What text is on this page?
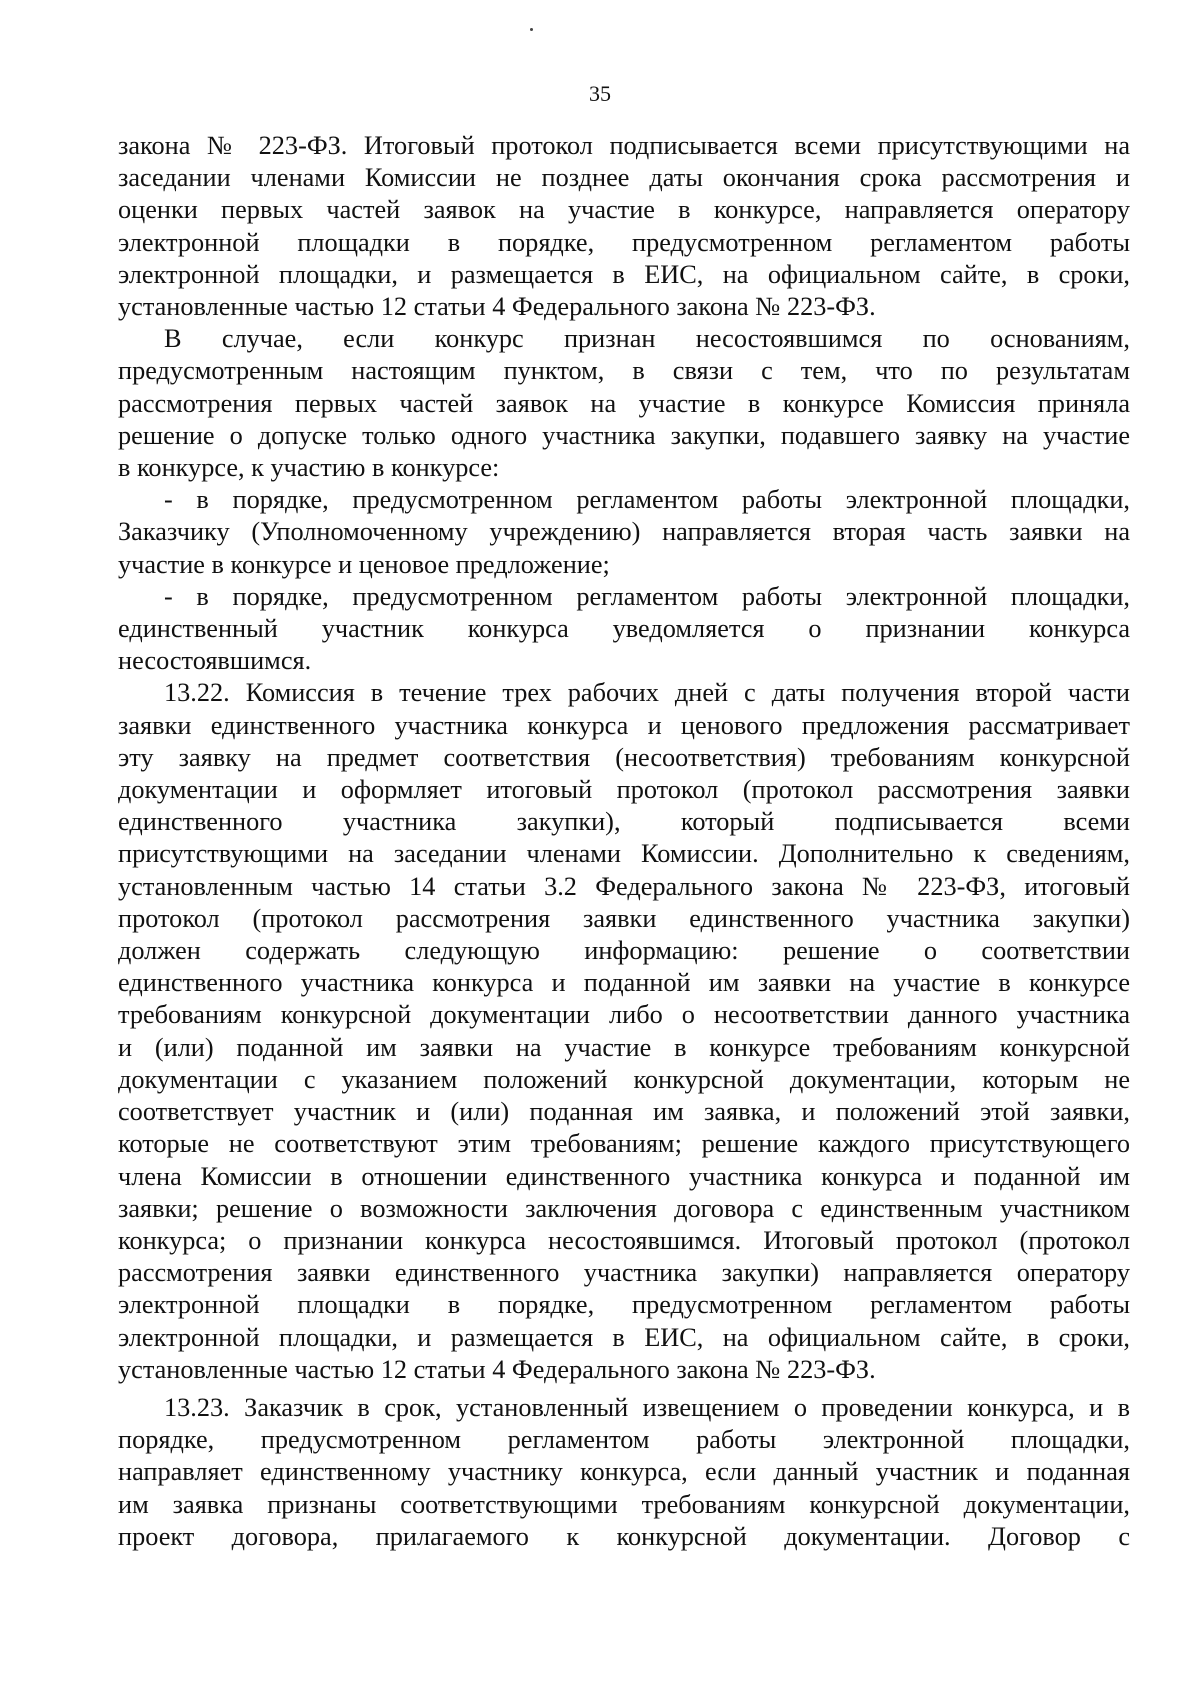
35

закона № 223-ФЗ. Итоговый протокол подписывается всеми присутствующими на

заседании членами Комиссии не позднее даты окончания срока рассмотрения и

оценки первых частей заявок на участие в конкурсе, направляется оператору

электронной площадки в порядке, предусмотренном регламентом работы

электронной площадки, и размещается в ЕИС, на официальном сайте, в сроки,

установленные частью 12 статьи 4 Федерального закона № 223-ФЗ.

В случае, если конкурс признан несостоявшимся по основаниям,

предусмотренным настоящим пунктом, в связи с тем, что по результатам

рассмотрения первых частей заявок на участие в конкурсе Комиссия приняла

решение о допуске только одного участника закупки, подавшего заявку на участие

в конкурсе, к участию в конкурсе:

- в порядке, предусмотренном регламентом работы электронной площадки,

Заказчику (Уполномоченному учреждению) направляется вторая часть заявки на

участие в конкурсе и ценовое предложение;

- в порядке, предусмотренном регламентом работы электронной площадки,

единственный участник конкурса уведомляется о признании конкурса

несостоявшимся.

13.22. Комиссия в течение трех рабочих дней с даты получения второй части

заявки единственного участника конкурса и ценового предложения рассматривает

эту заявку на предмет соответствия (несоответствия) требованиям конкурсной

документации и оформляет итоговый протокол (протокол рассмотрения заявки

единственного участника закупки), который подписывается всеми

присутствующими на заседании членами Комиссии. Дополнительно к сведениям,

установленным частью 14 статьи 3.2 Федерального закона № 223-ФЗ, итоговый

протокол (протокол рассмотрения заявки единственного участника закупки)

должен содержать следующую информацию: решение о соответствии

единственного участника конкурса и поданной им заявки на участие в конкурсе

требованиям конкурсной документации либо о несоответствии данного участника

и (или) поданной им заявки на участие в конкурсе требованиям конкурсной

документации с указанием положений конкурсной документации, которым не

соответствует участник и (или) поданная им заявка, и положений этой заявки,

которые не соответствуют этим требованиям; решение каждого присутствующего

члена Комиссии в отношении единственного участника конкурса и поданной им

заявки; решение о возможности заключения договора с единственным участником

конкурса; о признании конкурса несостоявшимся. Итоговый протокол (протокол

рассмотрения заявки единственного участника закупки) направляется оператору

электронной площадки в порядке, предусмотренном регламентом работы

электронной площадки, и размещается в ЕИС, на официальном сайте, в сроки,

установленные частью 12 статьи 4 Федерального закона № 223-ФЗ.

13.23. Заказчик в срок, установленный извещением о проведении конкурса, и в

порядке, предусмотренном регламентом работы электронной площадки,

направляет единственному участнику конкурса, если данный участник и поданная

им заявка признаны соответствующими требованиям конкурсной документации,

проект договора, прилагаемого к конкурсной документации. Договор с
